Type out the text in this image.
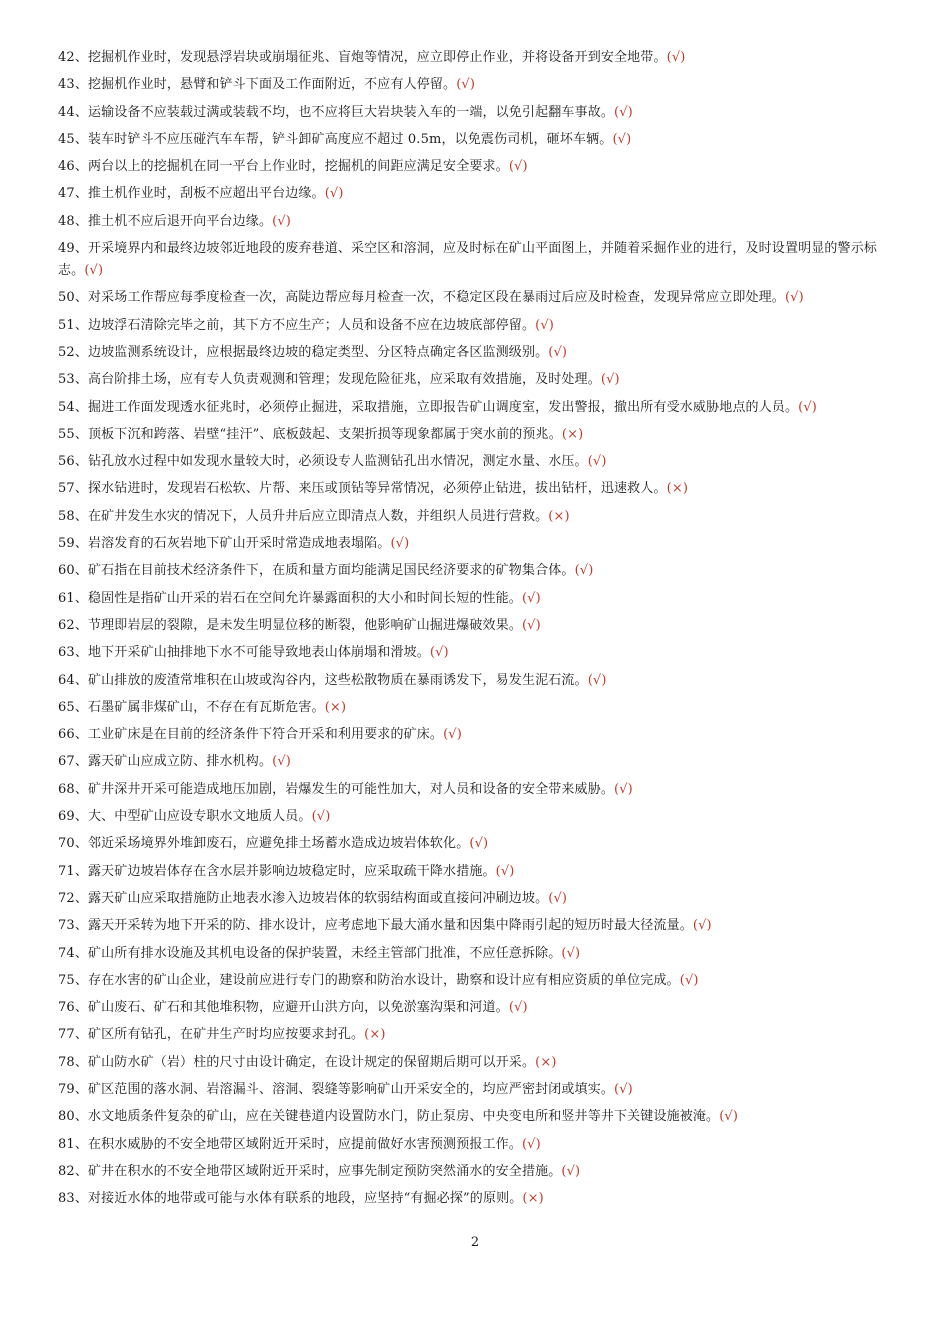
42、挖掘机作业时，发现悬浮岩块或崩塌征兆、盲炮等情况，应立即停止作业，并将设备开到安全地带。(√)
43、挖掘机作业时，悬臂和铲斗下面及工作面附近，不应有人停留。(√)
44、运输设备不应装载过满或装载不均，也不应将巨大岩块装入车的一端，以免引起翻车事故。(√)
45、装车时铲斗不应压碰汽车车帮，铲斗卸矿高度应不超过 0.5m，以免震伤司机，砸坏车辆。(√)
46、两台以上的挖掘机在同一平台上作业时，挖掘机的间距应满足安全要求。(√)
47、推土机作业时，刮板不应超出平台边缘。(√)
48、推土机不应后退开向平台边缘。(√)
49、开采境界内和最终边坡邻近地段的废弃巷道、采空区和溶洞，应及时标在矿山平面图上，并随着采掘作业的进行，及时设置明显的警示标志。(√)
50、对采场工作帮应每季度检查一次，高陡边帮应每月检查一次，不稳定区段在暴雨过后应及时检查，发现异常应立即处理。(√)
51、边坡浮石清除完毕之前，其下方不应生产；人员和设备不应在边坡底部停留。(√)
52、边坡监测系统设计，应根据最终边坡的稳定类型、分区特点确定各区监测级别。(√)
53、高台阶排土场，应有专人负责观测和管理；发现危险征兆，应采取有效措施，及时处理。(√)
54、掘进工作面发现透水征兆时，必须停止掘进，采取措施，立即报告矿山调度室，发出警报，撤出所有受水威胁地点的人员。(√)
55、顶板下沉和跨落、岩壁“挂汗”、底板鼓起、支架折损等现象都属于突水前的预兆。(×)
56、钻孔放水过程中如发现水量较大时，必须设专人监测钻孔出水情况，测定水量、水压。(√)
57、探水钻进时，发现岩石松软、片帮、来压或顶钻等异常情况，必须停止钻进，拔出钻杆，迅速救人。(×)
58、在矿井发生水灾的情况下，人员升井后应立即清点人数，并组织人员进行营救。(×)
59、岩溶发育的石灰岩地下矿山开采时常造成地表塌陷。(√)
60、矿石指在目前技术经济条件下，在质和量方面均能满足国民经济要求的矿物集合体。(√)
61、稳固性是指矿山开采的岩石在空间允许暴露面积的大小和时间长短的性能。(√)
62、节理即岩层的裂隙，是未发生明显位移的断裂，他影响矿山掘进爆破效果。(√)
63、地下开采矿山抽排地下水不可能导致地表山体崩塌和滑坡。(√)
64、矿山排放的废渣常堆积在山坡或沟谷内，这些松散物质在暴雨诱发下，易发生泥石流。(√)
65、石墨矿属非煤矿山，不存在有瓦斯危害。(×)
66、工业矿床是在目前的经济条件下符合开采和利用要求的矿床。(√)
67、露天矿山应成立防、排水机构。(√)
68、矿井深井开采可能造成地压加剧，岩爆发生的可能性加大，对人员和设备的安全带来威胁。(√)
69、大、中型矿山应设专职水文地质人员。(√)
70、邻近采场境界外堆卸废石，应避免排土场蓄水造成边坡岩体软化。(√)
71、露天矿边坡岩体存在含水层并影响边坡稳定时，应采取疏干降水措施。(√)
72、露天矿山应采取措施防止地表水渗入边坡岩体的软弱结构面或直接问冲刷边坡。(√)
73、露天开采转为地下开采的防、排水设计，应考虑地下最大涌水量和因集中降雨引起的短历时最大径流量。(√)
74、矿山所有排水设施及其机电设备的保护装置，未经主管部门批准，不应任意拆除。(√)
75、存在水害的矿山企业，建设前应进行专门的勘察和防治水设计，勘察和设计应有相应资质的单位完成。(√)
76、矿山废石、矿石和其他堆积物，应避开山洪方向，以免淤塞沟渠和河道。(√)
77、矿区所有钻孔，在矿井生产时均应按要求封孔。(×)
78、矿山防水矿（岩）柱的尺寸由设计确定，在设计规定的保留期后期可以开采。(×)
79、矿区范围的落水洞、岩溶漏斗、溶洞、裂缝等影响矿山开采安全的，均应严密封闭或填实。(√)
80、水文地质条件复杂的矿山，应在关键巷道内设置防水门，防止泵房、中央变电所和竖井等井下关键设施被淹。(√)
81、在积水威胁的不安全地带区域附近开采时，应提前做好水害预测预报工作。(√)
82、矿井在积水的不安全地带区域附近开采时，应事先制定预防突然涌水的安全措施。(√)
83、对接近水体的地带或可能与水体有联系的地段，应坚持“有掘必探”的原则。(×)
2
